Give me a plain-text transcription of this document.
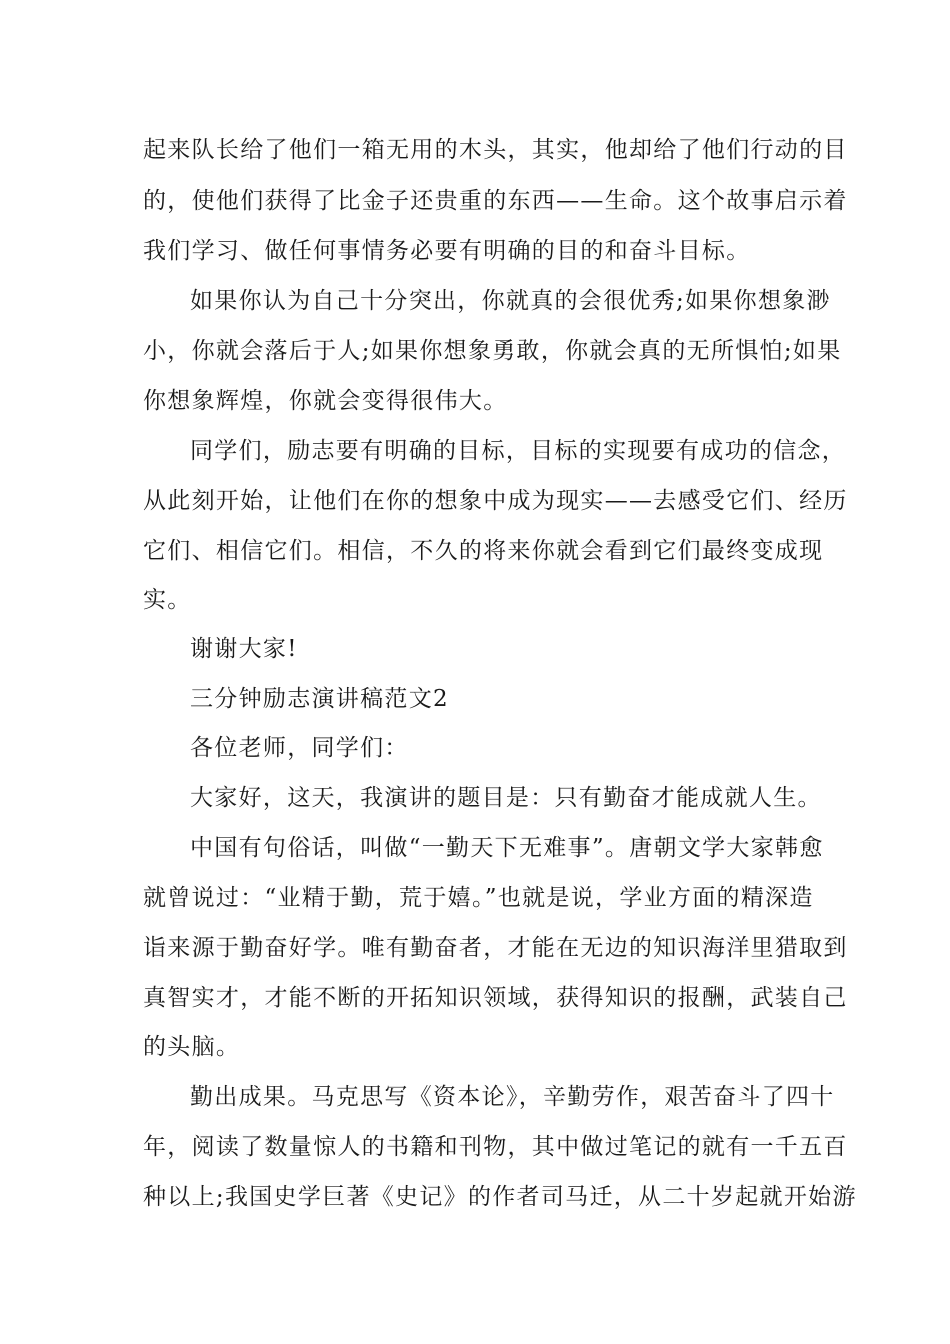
起来队长给了他们一箱无用的木头，其实，他却给了他们行动的目
的，使他们获得了比金子还贵重的东西——生命。这个故事启示着
我们学习、做任何事情务必要有明确的目的和奋斗目标。
如果你认为自己十分突出，你就真的会很优秀;如果你想象渺
小，你就会落后于人;如果你想象勇敢，你就会真的无所惧怕;如果
你想象辉煌，你就会变得很伟大。
同学们，励志要有明确的目标，目标的实现要有成功的信念，
从此刻开始，让他们在你的想象中成为现实——去感受它们、经历
它们、相信它们。相信，不久的将来你就会看到它们最终变成现
实。
谢谢大家!
三分钟励志演讲稿范文2
各位老师，同学们：
大家好，这天，我演讲的题目是：只有勤奋才能成就人生。
中国有句俗话，叫做“一勤天下无难事”。唐朝文学大家韩愈
就曾说过：“业精于勤，荒于嬉。”也就是说，学业方面的精深造
诣来源于勤奋好学。唯有勤奋者，才能在无边的知识海洋里猎取到
真智实才，才能不断的开拓知识领域，获得知识的报酬，武装自己
的头脑。
勤出成果。马克思写《资本论》，辛勤劳作，艰苦奋斗了四十
年，阅读了数量惊人的书籍和刊物，其中做过笔记的就有一千五百
种以上;我国史学巨著《史记》的作者司马迁，从二十岁起就开始游
